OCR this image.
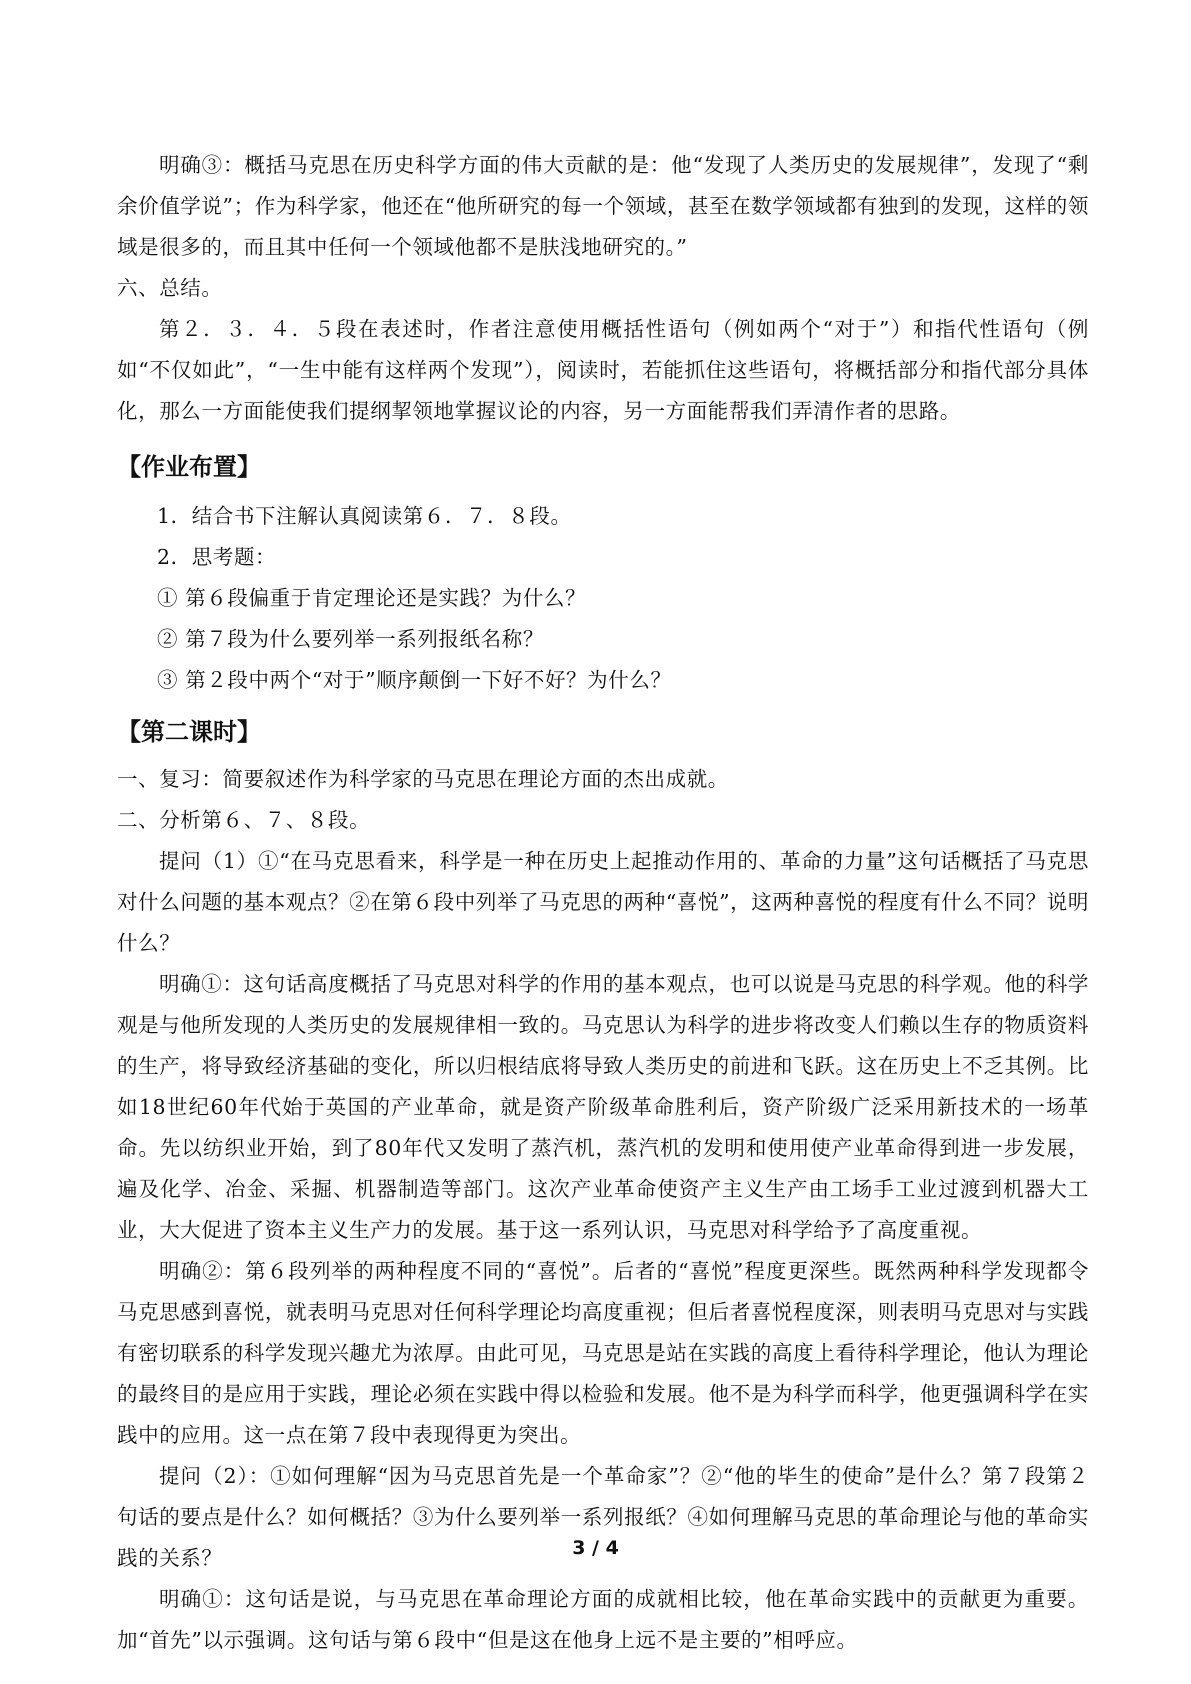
明确③：概括马克思在历史科学方面的伟大贡献的是：他“发现了人类历史的发展规律”，发现了“剩余价值学说”；作为科学家，他还在“他所研究的每一个领域，甚至在数学领域都有独到的发现，这样的领域是很多的，而且其中任何一个领域他都不是肤浅地研究的。”

六、总结。

第２．３．４．５段在表述时，作者注意使用概括性语句（例如两个“对于”）和指代性语句（例如“不仅如此”，“一生中能有这样两个发现”），阅读时，若能抓住这些语句，将概括部分和指代部分具体化，那么一方面能使我们提纲挈领地掌握议论的内容，另一方面能帮我们弄清作者的思路。

【作业布置】

1．结合书下注解认真阅读第６．７．８段。

2．思考题：

① 第６段偏重于肯定理论还是实践？为什么？

② 第７段为什么要列举一系列报纸名称？

③ 第２段中两个“对于”顺序颠倒一下好不好？为什么？

【第二课时】

一、复习：简要叙述作为科学家的马克思在理论方面的杰出成就。

二、分析第６、７、８段。

提问（1）①“在马克思看来，科学是一种在历史上起推动作用的、革命的力量”这句话概括了马克思对什么问题的基本观点？②在第６段中列举了马克思的两种“喜悦”，这两种喜悦的程度有什么不同？说明什么？

明确①：这句话高度概括了马克思对科学的作用的基本观点，也可以说是马克思的科学观。他的科学观是与他所发现的人类历史的发展规律相一致的。马克思认为科学的进步将改变人们赖以生存的物质资料的生产，将导致经济基础的变化，所以归根结底将导致人类历史的前进和飞跃。这在历史上不乏其例。比如18世纪60年代始于英国的产业革命，就是资产阶级革命胜利后，资产阶级广泛采用新技术的一场革命。先以纺织业开始，到了80年代又发明了蒸汽机，蒸汽机的发明和使用使产业革命得到进一步发展，遍及化学、冶金、采掘、机器制造等部门。这次产业革命使资产主义生产由工场手工业过渡到机器大工业，大大促进了资本主义生产力的发展。基于这一系列认识，马克思对科学给予了高度重视。

明确②：第６段列举的两种程度不同的“喜悦”。后者的“喜悦”程度更深些。既然两种科学发现都令马克思感到喜悦，就表明马克思对任何科学理论均高度重视；但后者喜悦程度深，则表明马克思对与实践有密切联系的科学发现兴趣尤为浓厚。由此可见，马克思是站在实践的高度上看待科学理论，他认为理论的最终目的是应用于实践，理论必须在实践中得以检验和发展。他不是为科学而科学，他更强调科学在实践中的应用。这一点在第７段中表现得更为突出。

提问（2）：①如何理解“因为马克思首先是一个革命家”？②“他的毕生的使命”是什么？第７段第２句话的要点是什么？如何概括？③为什么要列举一系列报纸？④如何理解马克思的革命理论与他的革命实践的关系？

明确①：这句话是说，与马克思在革命理论方面的成就相比较，他在革命实践中的贡献更为重要。加“首先”以示强调。这句话与第６段中“但是这在他身上远不是主要的”相呼应。

3 / 4
